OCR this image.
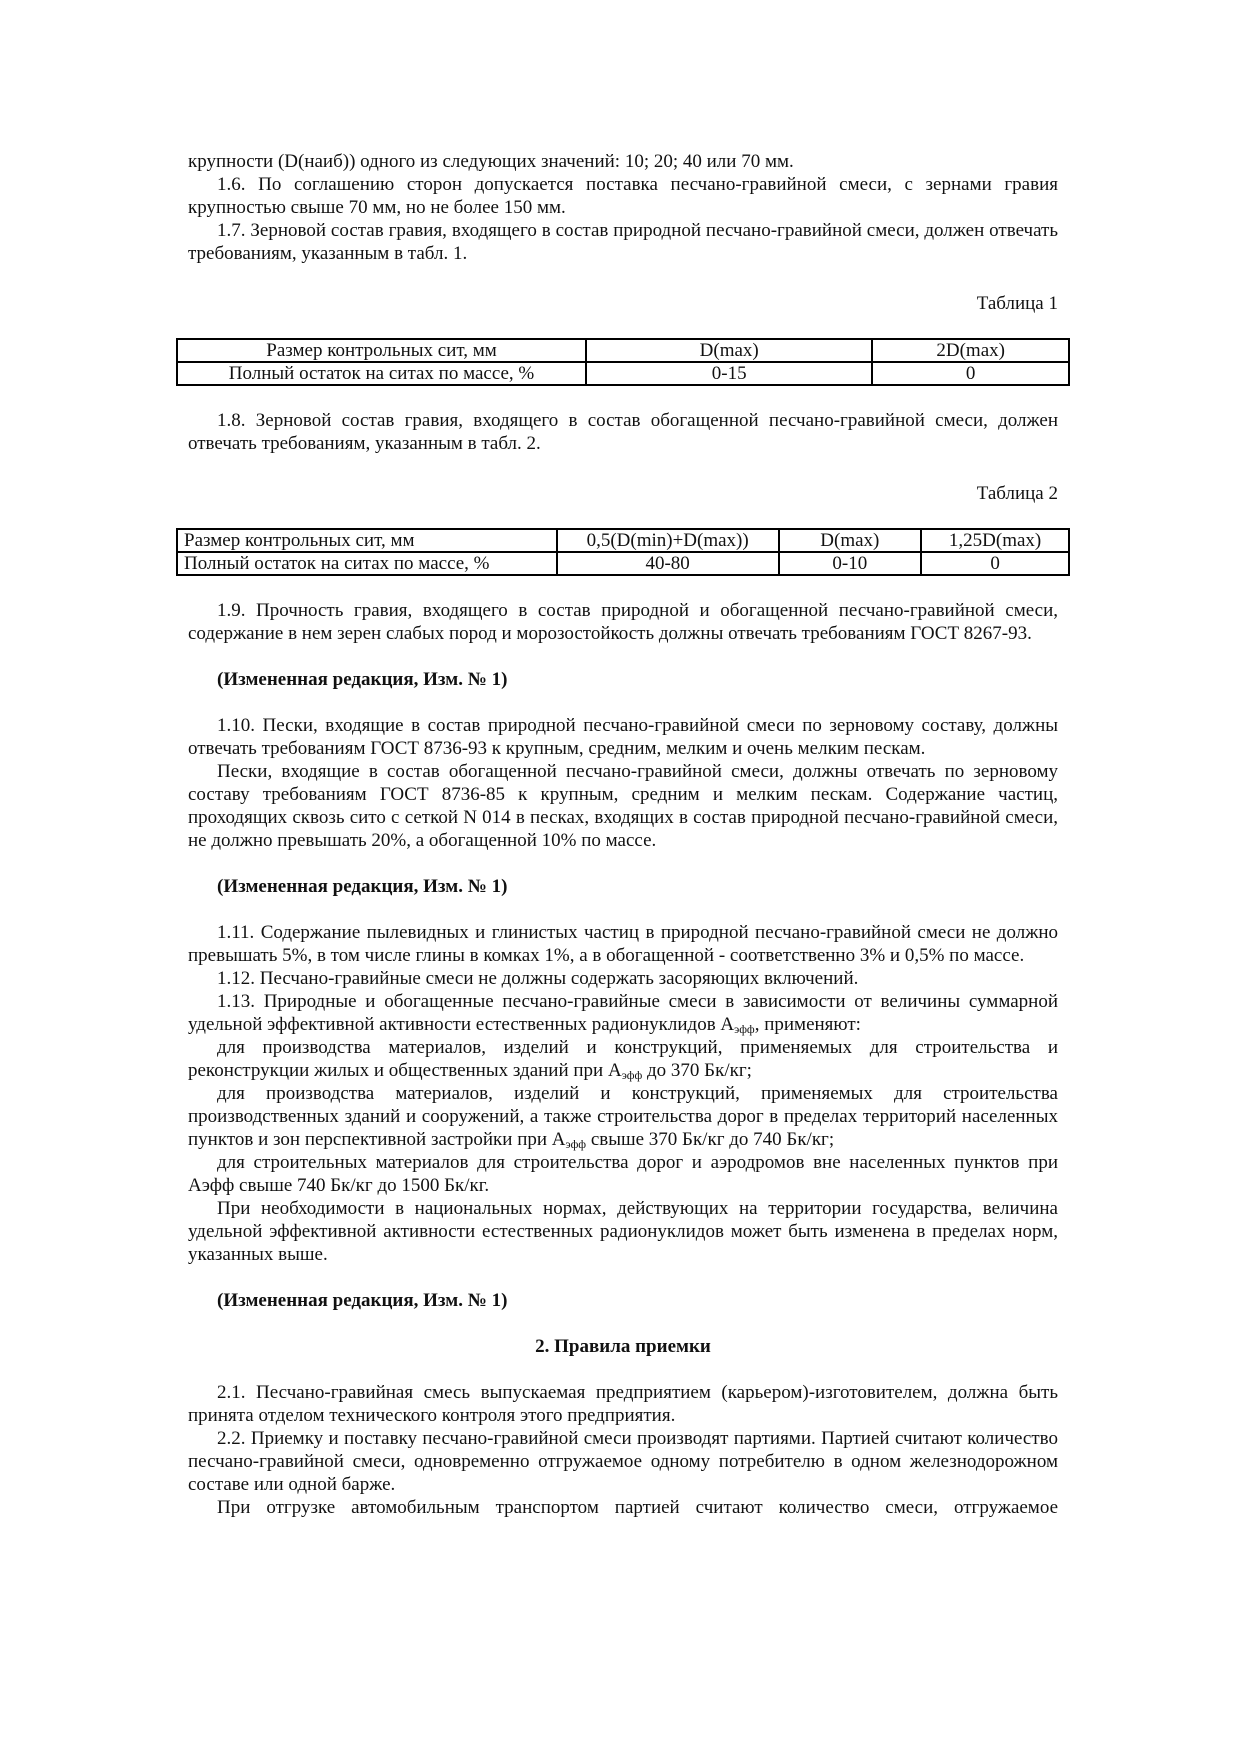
крупности (D(наиб)) одного из следующих значений: 10; 20; 40 или 70 мм.

1.6. По соглашению сторон допускается поставка песчано-гравийной смеси, с зернами гравия крупностью свыше 70 мм, но не более 150 мм.

1.7. Зерновой состав гравия, входящего в состав природной песчано-гравийной смеси, должен отвечать требованиям, указанным в табл. 1.

Таблица 1

Размер контрольных сит, мм	D(max)	2D(max)
Полный остаток на ситах по массе, %	0-15	0

1.8. Зерновой состав гравия, входящего в состав обогащенной песчано-гравийной смеси, должен отвечать требованиям, указанным в табл. 2.

Таблица 2

Размер контрольных сит, мм	0,5(D(min)+D(max))	D(max)	1,25D(max)
Полный остаток на ситах по массе, %	40-80	0-10	0

1.9. Прочность гравия, входящего в состав природной и обогащенной песчано-гравийной смеси, содержание в нем зерен слабых пород и морозостойкость должны отвечать требованиям ГОСТ 8267-93.

(Измененная редакция, Изм. № 1)

1.10. Пески, входящие в состав природной песчано-гравийной смеси по зерновому составу, должны отвечать требованиям ГОСТ 8736-93 к крупным, средним, мелким и очень мелким пескам.

Пески, входящие в состав обогащенной песчано-гравийной смеси, должны отвечать по зерновому составу требованиям ГОСТ 8736-85 к крупным, средним и мелким пескам. Содержание частиц, проходящих сквозь сито с сеткой N 014 в песках, входящих в состав природной песчано-гравийной смеси, не должно превышать 20%, а обогащенной 10% по массе.

(Измененная редакция, Изм. № 1)

1.11. Содержание пылевидных и глинистых частиц в природной песчано-гравийной смеси не должно превышать 5%, в том числе глины в комках 1%, а в обогащенной - соответственно 3% и 0,5% по массе.

1.12. Песчано-гравийные смеси не должны содержать засоряющих включений.

1.13. Природные и обогащенные песчано-гравийные смеси в зависимости от величины суммарной удельной эффективной активности естественных радионуклидов $A_{эфф}$, применяют:

для производства материалов, изделий и конструкций, применяемых для строительства и реконструкции жилых и общественных зданий при $A_{эфф}$ до 370 Бк/кг;

для производства материалов, изделий и конструкций, применяемых для строительства производственных зданий и сооружений, а также строительства дорог в пределах территорий населенных пунктов и зон перспективной застройки при $A_{эфф}$ свыше 370 Бк/кг до 740 Бк/кг;

для строительных материалов для строительства дорог и аэродромов вне населенных пунктов при Аэфф свыше 740 Бк/кг до 1500 Бк/кг.

При необходимости в национальных нормах, действующих на территории государства, величина удельной эффективной активности естественных радионуклидов может быть изменена в пределах норм, указанных выше.

(Измененная редакция, Изм. № 1)

2. Правила приемки

2.1. Песчано-гравийная смесь выпускаемая предприятием (карьером)-изготовителем, должна быть принята отделом технического контроля этого предприятия.

2.2. Приемку и поставку песчано-гравийной смеси производят партиями. Партией считают количество песчано-гравийной смеси, одновременно отгружаемое одному потребителю в одном железнодорожном составе или одной барже.

При отгрузке автомобильным транспортом партией считают количество смеси, отгружаемое
